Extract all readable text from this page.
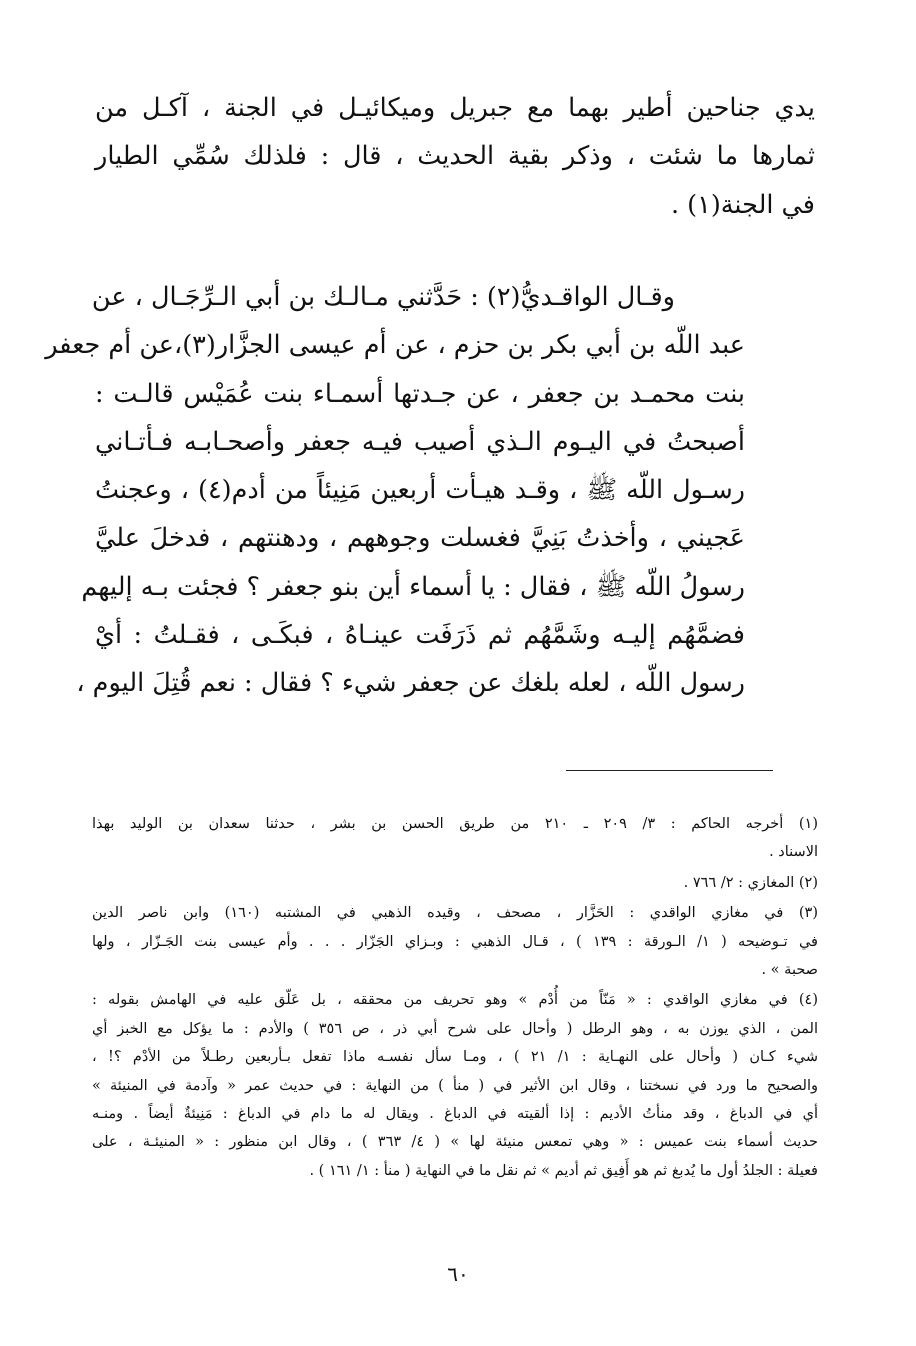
يدي جناحين أطير بهما مع جبريل وميكائيـل في الجنة ، آكـل من
ثمارها ما شئت ، وذكر بقية الحديث ، قال : فلذلك سُمِّي الطيار
في الجنة(١) .
وقـال الواقـديُّ(٢) : حَدَّثني مـالـك بن أبي الـرِّجَـال ، عن
عبد اللّه بن أبي بكر بن حزم ، عن أم عيسى الجزَّار(٣)،عن أم جعفر
بنت محمـد بن جعفر ، عن جـدتها أسمـاء بنت عُمَيْس قالـت :
أصبحتُ في اليـوم الـذي أصيب فيـه جعفر وأصحـابـه فـأتـاني
رسـول اللّه ﷺ ، وقـد هيـأت أربعين مَنِيئاً من أدم(٤) ، وعجنتُ
عَجيني ، وأخذتُ بَنِيَّ فغسلت وجوههم ، ودهنتهم ، فدخلَ عليَّ
رسولُ اللّه ﷺ ، فقال : يا أسماء أين بنو جعفر ؟ فجئت بـه إليهم
فضمَّهُم إليـه وشَمَّهُم ثم ذَرَفَت عينـاهُ ، فبكَـى ، فقـلتُ : أيْ
رسول اللّه ، لعله بلغك عن جعفر شيء ؟ فقال : نعم قُتِلَ اليوم ،
(١) أخرجه الحاكم : ٣/ ٢٠٩ ـ ٢١٠ من طريق الحسن بن بشر ، حدثنا سعدان بن الوليد بهذا
الاسناد .
(٢) المغازي : ٢/ ٧٦٦ .
(٣) في مغازي الواقدي : الحَزَّار ، مصحف ، وقيده الذهبي في المشتبه (١٦٠) وابن ناصر الدين
في تـوضيحه ( ١/ الـورقة : ١٣٩ ) ، قـال الذهبي : وبـزاي الجَزّار . . . وأم عيسى بنت الجَـزّار ، ولها
صحبة » .
(٤) في مغازي الواقدي : « مَنّاً من أُدْم » وهو تحريف من محققه ، بل عَلّق عليه في الهامش بقوله :
المن ، الذي يوزن به ، وهو الرطل ( وأحال على شرح أبي ذر ، ص ٣٥٦ ) والأدم : ما يؤكل مع الخبز أي
شيء كـان ( وأحال على النهـاية : ١/ ٢١ ) ، ومـا سأل نفسـه ماذا تفعل بـأربعين رطـلاً من الأدْم ؟! ،
والصحيح ما ورد في نسختنا ، وقال ابن الأثير في ( منأ ) من النهاية : في حديث عمر « وآدمة في المنيئة »
أي في الدباغ ، وقد منأتُ الأديم : إذا ألقيته في الدباغ . ويقال له ما دام في الدباغ : مَنِيئةٌ أيضاً . ومنـه
حديث أسماء بنت عميس : « وهي تمعس منيئة لها » ( ٤/ ٣٦٣ ) ، وقال ابن منظور : « المنيئـة ، على
فعيلة : الجلدُ أول ما يُدبغ ثم هو أَفِيق ثم أديم » ثم نقل ما في النهاية ( منأ : ١/ ١٦١ ) .
٦٠
